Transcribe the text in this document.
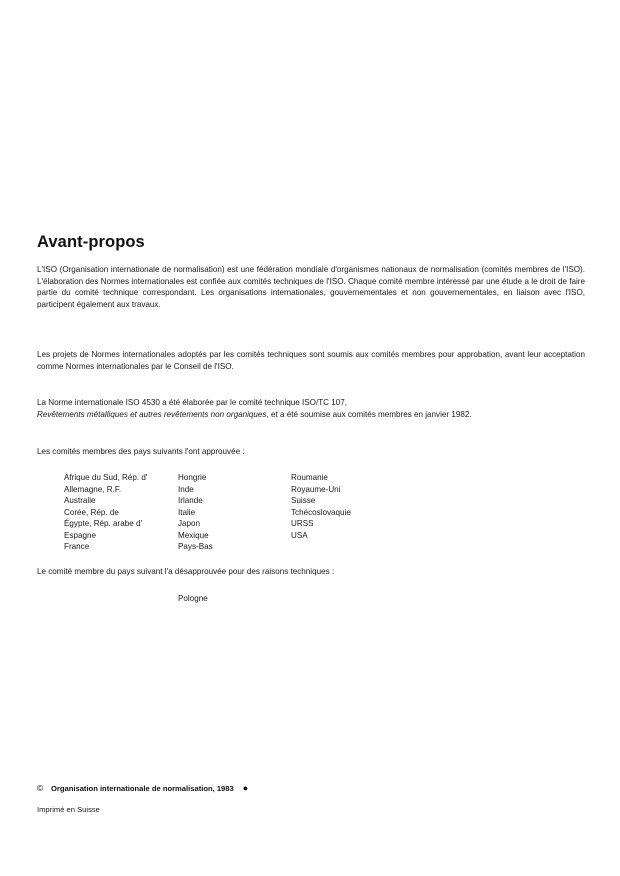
Avant-propos

L'ISO (Organisation internationale de normalisation) est une fédération mondiale d'organismes nationaux de normalisation (comités membres de l'ISO). L'élaboration des Normes internationales est confiée aux comités techniques de l'ISO. Chaque comité membre intéressé par une étude a le droit de faire partie du comité technique correspondant. Les organisations internationales, gouvernementales et non gouvernementales, en liaison avec l'ISO, participent également aux travaux.

Les projets de Normes internationales adoptés par les comités techniques sont soumis aux comités membres pour approbation, avant leur acceptation comme Normes internationales par le Conseil de l'ISO.

La Norme internationale ISO 4530 a été élaborée par le comité technique ISO/TC 107,
Revêtements métalliques et autres revêtements non organiques, et a été soumise aux comités membres en janvier 1982.

Les comités membres des pays suivants l'ont approuvée :

Afrique du Sud, Rép. d'
Allemagne, R.F.
Australie
Corée, Rép. de
Égypte, Rép. arabe d'
Espagne
France
Hongrie
Inde
Irlande
Italie
Japon
Mexique
Pays-Bas
Roumanie
Royaume-Uni
Suisse
Tchécoslovaquie
URSS
USA

Le comité membre du pays suivant l'a désapprouvée pour des raisons techniques :

Pologne
© Organisation internationale de normalisation, 1983 ●
Imprimé en Suisse
